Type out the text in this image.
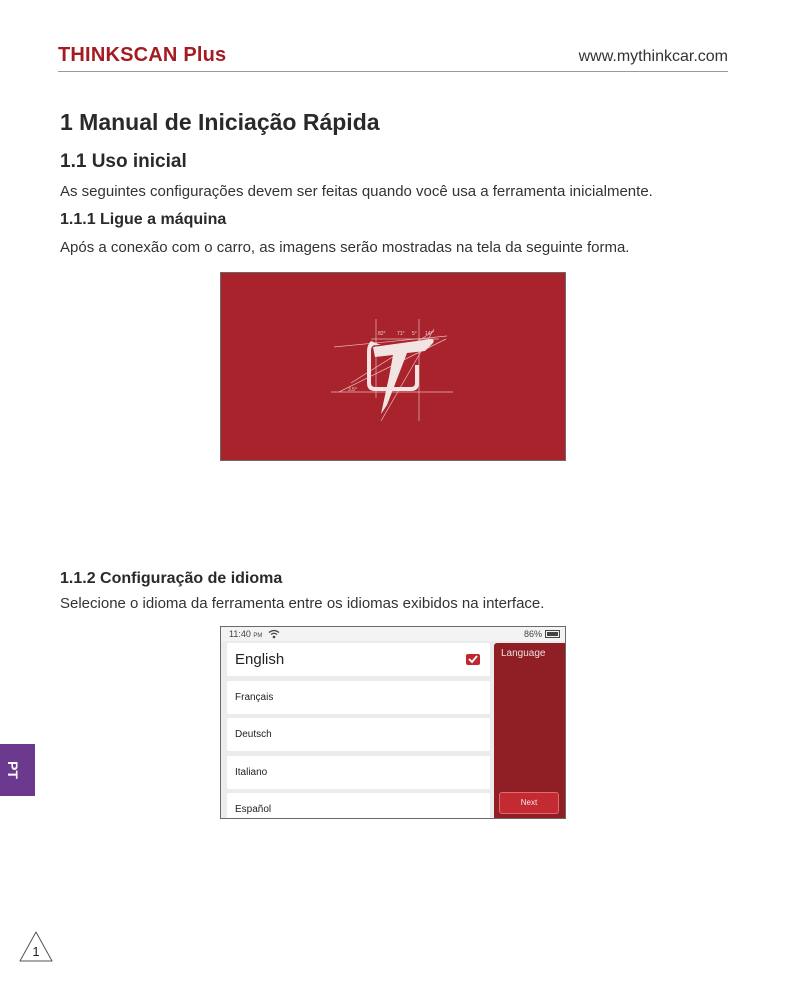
THINKSCAN Plus	www.mythinkcar.com
1 Manual de Iniciação Rápida
1.1 Uso inicial
As seguintes configurações devem ser feitas quando você usa a ferramenta inicialmente.
1.1.1 Ligue a máquina
Após a conexão com o carro, as imagens serão mostradas na tela da seguinte forma.
82° 71° 5° 14°
3.5°
1.1.2 Configuração de idioma
Selecione o idioma da ferramenta entre os idiomas exibidos na interface.
11:40 PM	86%
English
Français
Deutsch
Italiano
Español
Language
Next
PT
1
